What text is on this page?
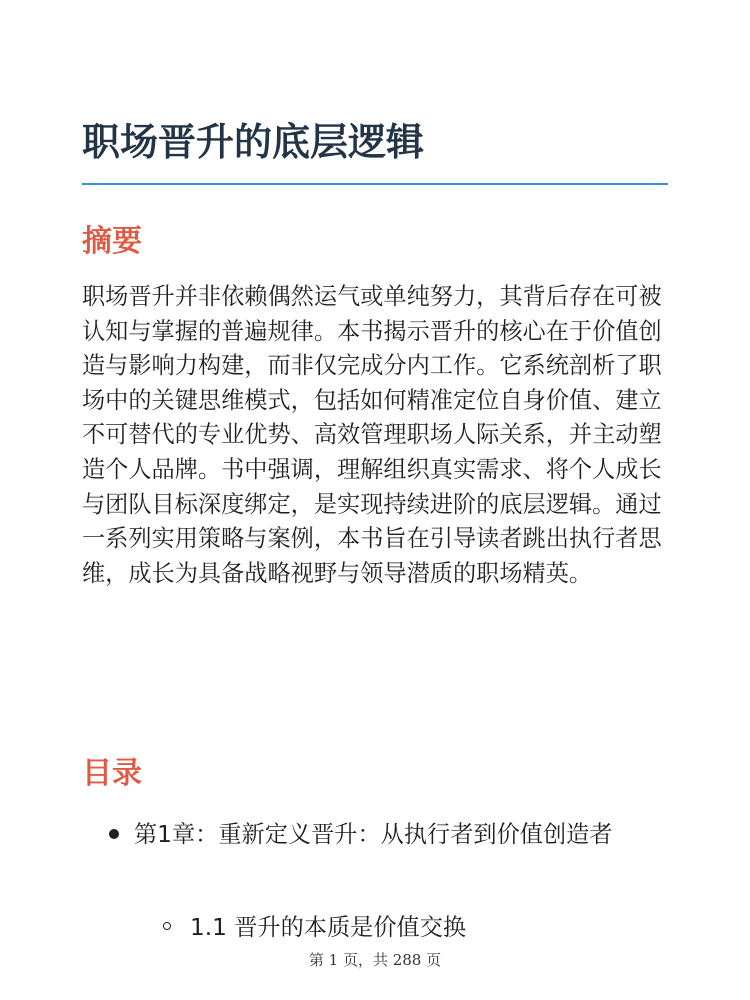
职场晋升的底层逻辑
摘要

职场晋升并非依赖偶然运气或单纯努力，其背后存在可被认知与掌握的普遍规律。本书揭示晋升的核心在于价值创造与影响力构建，而非仅完成分内工作。它系统剖析了职场中的关键思维模式，包括如何精准定位自身价值、建立不可替代的专业优势、高效管理职场人际关系，并主动塑造个人品牌。书中强调，理解组织真实需求、将个人成长与团队目标深度绑定，是实现持续进阶的底层逻辑。通过一系列实用策略与案例，本书旨在引导读者跳出执行者思维，成长为具备战略视野与领导潜质的职场精英。

目录
第1章：重新定义晋升：从执行者到价值创造者
1.1 晋升的本质是价值交换
第 1 页，共 288 页
